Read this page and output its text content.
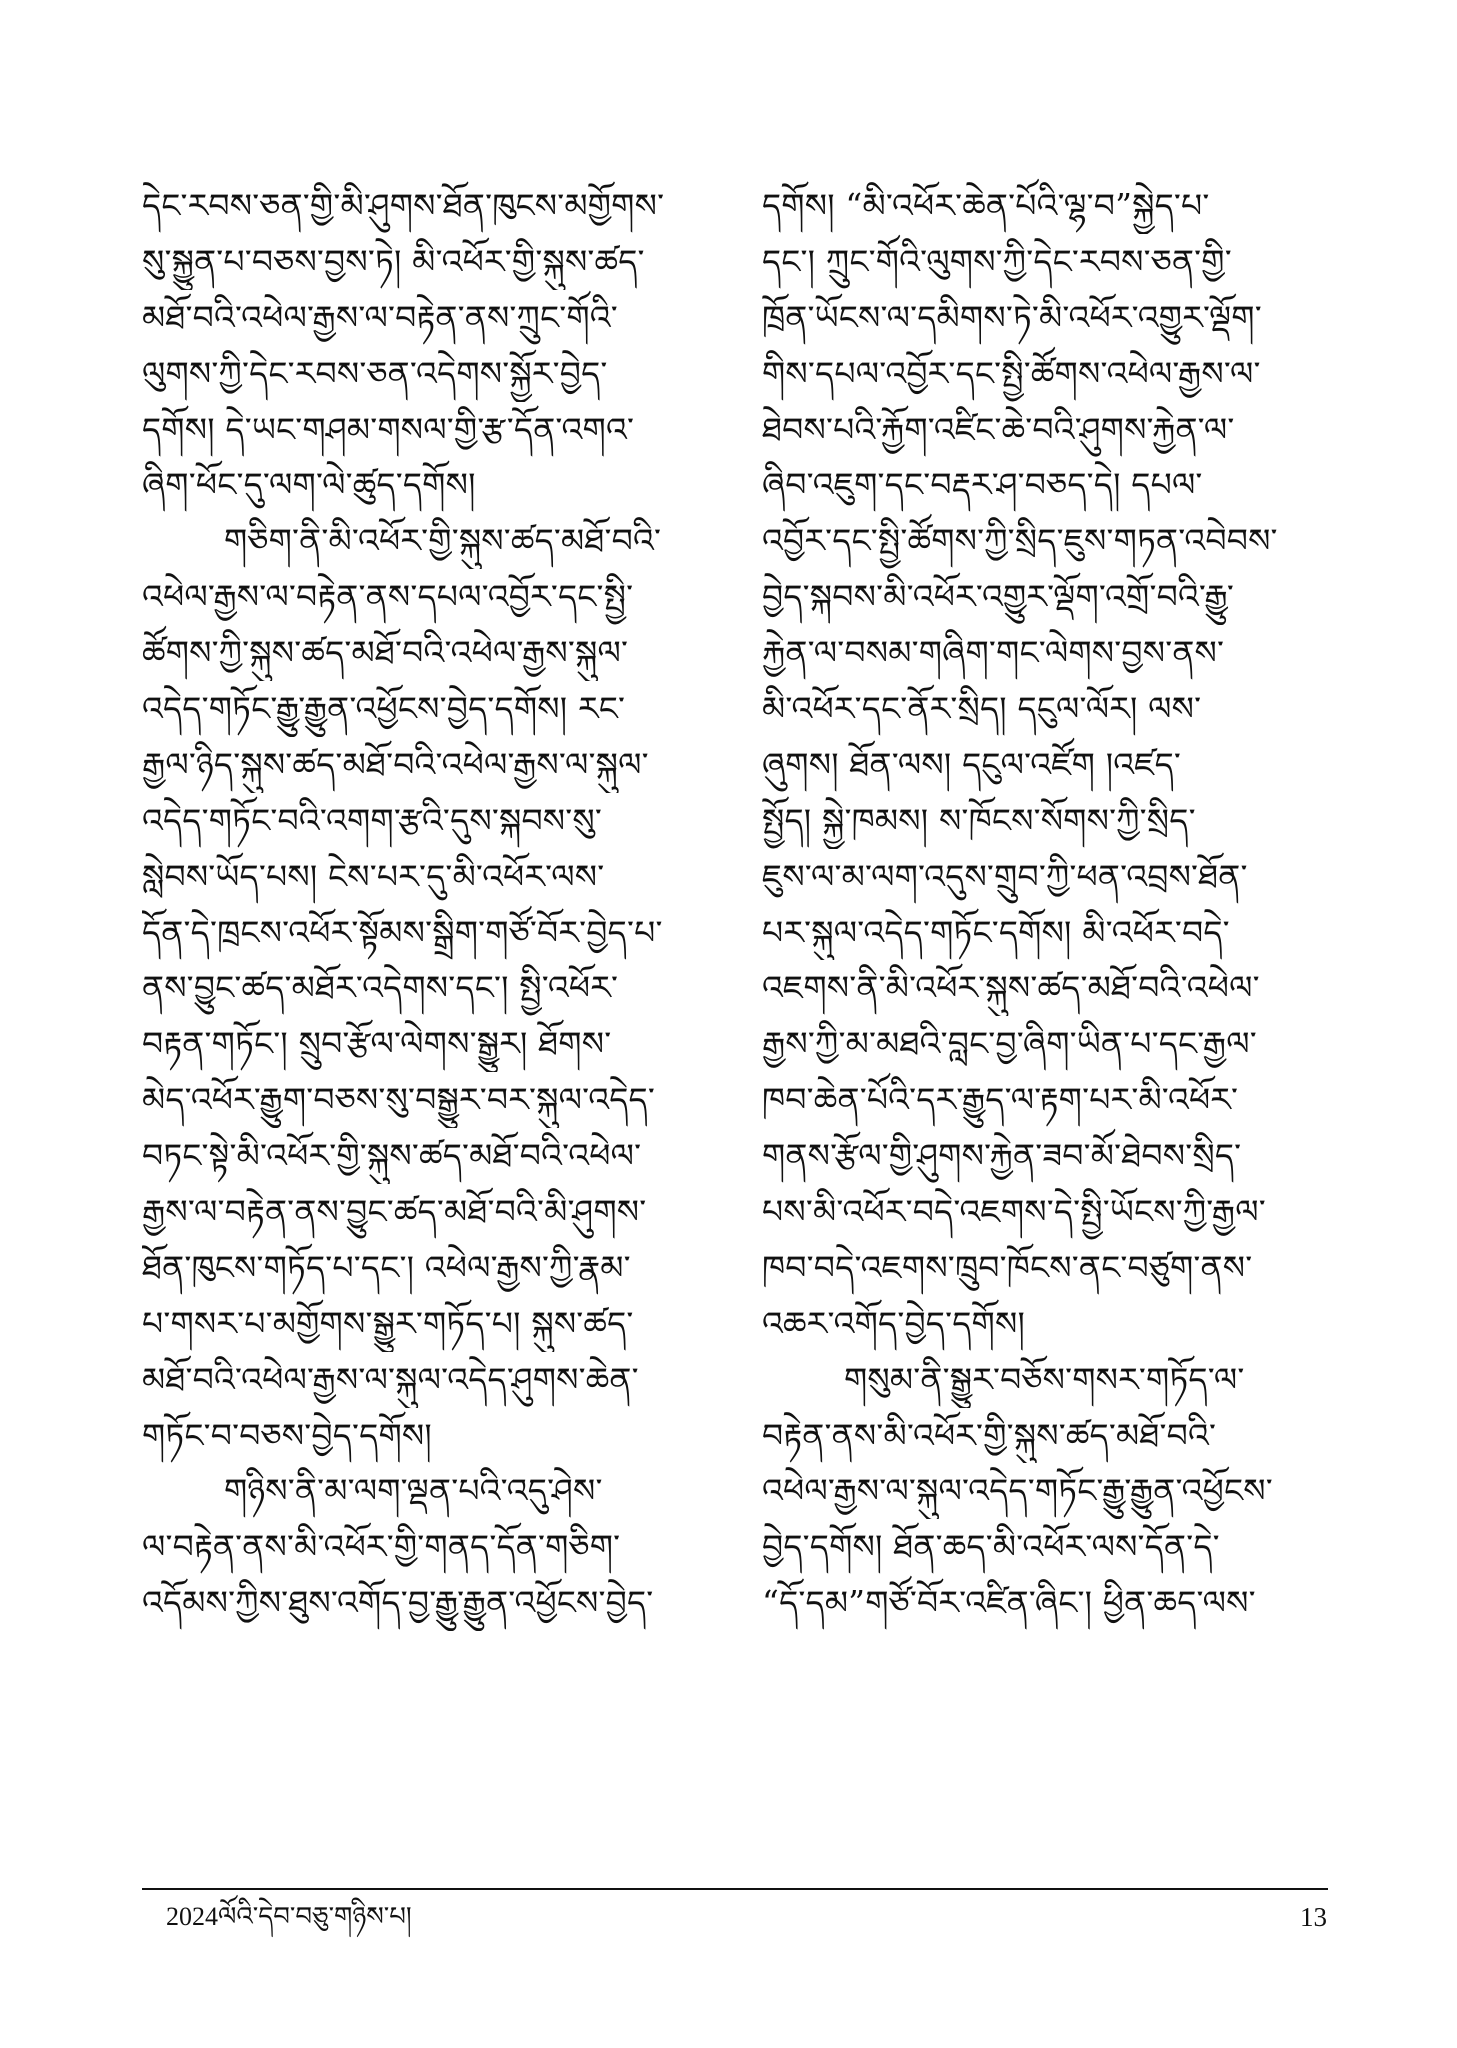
དེང་རབས་ཅན་གྱི་མི་ཤུགས་ཐོན་ཁུངས་མགྱོགས་
སུ་སྐྱུན་པ་བཅས་བྱས་ཏེ། མི་འཕོར་གྱི་སྐུས་ཚད་
མཐོ་བའི་འཕེལ་རྒྱས་ལ་བརྟེན་ནས་ཀྲུང་གོའི་
ལུགས་ཀྱི་དེང་རབས་ཅན་འདེགས་སྐྱོར་བྱེད་
དགོས། དེ་ཡང་གཤམ་གསལ་གྱི་རྩ་དོན་འགའ་
ཞིག་ཕོང་དུ་ལག་ལེ་ཚུད་དགོས།
གཅིག་ནི་མི་འཕོར་གྱི་སྐུས་ཚད་མཐོ་བའི་
འཕེལ་རྒྱས་ལ་བརྟེན་ནས་དཔལ་འབྱོར་དང་སྤྱི་
ཚོགས་ཀྱི་སྐུས་ཚད་མཐོ་བའི་འཕེལ་རྒྱས་སྐུལ་
འདེད་གཏོང་རྒྱུ་རྒྱུན་འཕྱོངས་བྱེད་དགོས། རང་
རྒྱལ་ཉིད་སྐུས་ཚད་མཐོ་བའི་འཕེལ་རྒྱས་ལ་སྐུལ་
འདེད་གཏོང་བའི་འགག་རྩའི་དུས་སྐབས་སུ་
སླེབས་ཡོད་པས། ངེས་པར་དུ་མི་འཕོར་ལས་
དོན་དེ་ཁྲངས་འཕོར་སྟོམས་སྒྲིག་གཙོ་བོར་བྱེད་པ་
ནས་བྱུང་ཚད་མཐོར་འདེགས་དང་། སྤྱི་འཕོར་
བརྟན་གཏོང་། སྲུབ་རྩོལ་ལེགས་སྒྱུར། ཐོགས་
མེད་འཕོར་རྒྱུག་བཅས་སུ་བསྒྱུར་བར་སྐུལ་འདེད་
བཏང་སྟེ་མི་འཕོར་གྱི་སྐུས་ཚད་མཐོ་བའི་འཕེལ་
རྒྱས་ལ་བརྟེན་ནས་བྱུང་ཚད་མཐོ་བའི་མི་ཤུགས་
ཐོན་ཁུངས་གཏོད་པ་དང་། འཕེལ་རྒྱས་ཀྱི་རྣམ་
པ་གསར་པ་མགྱོགས་སྒྱུར་གཏོད་པ། སྐུས་ཚད་
མཐོ་བའི་འཕེལ་རྒྱས་ལ་སྐུལ་འདེད་ཤུགས་ཆེན་
གཏོང་བ་བཅས་བྱེད་དགོས།
གཉིས་ནི་མ་ལག་ལྡན་པའི་འདུ་ཤེས་
ལ་བརྟེན་ནས་མི་འཕོར་གྱི་གནད་དོན་གཅིག་
འདོམས་ཀྱིས་ཐུས་འགོད་བྱ་རྒྱུ་རྒྱུན་འཕྱོངས་བྱེད་
དགོས། “མི་འཕོར་ཆེན་པོའི་ལྷ་བ”སྐྱེད་པ་
དང་། ཀྲུང་གོའི་ལུགས་ཀྱི་དེང་རབས་ཅན་གྱི་
ཁྲོན་ཡོངས་ལ་དམིགས་ཏེ་མི་འཕོར་འགྱུར་ལྡོག་
གིས་དཔལ་འབྱོར་དང་སྤྱི་ཚོགས་འཕེལ་རྒྱས་ལ་
ཐེབས་པའི་རྐྱོག་འཛིང་ཆེ་བའི་ཤུགས་རྐྱེན་ལ་
ཞིབ་འཇུག་དང་བརྡར་ཤ་བཅད་དེ། དཔལ་
འབྱོར་དང་སྤྱི་ཚོགས་ཀྱི་སྲིད་ཇུས་གཏན་འབེབས་
བྱེད་སྐབས་མི་འཕོར་འགྱུར་ལྡོག་འགྲོ་བའི་རྒྱུ་
རྐྱེན་ལ་བསམ་གཞིག་གང་ལེགས་བྱས་ནས་
མི་འཕོར་དང་ནོར་སྲིད། དངུལ་ལོར། ལས་
ཞུགས། ཐོན་ལས། དངུལ་འཛོག །འཛད་
སྤྱོད། སྐྱེ་ཁམས། ས་ཁོངས་སོགས་ཀྱི་སྲིད་
ཇུས་ལ་མ་ལག་འདུས་གྲུབ་ཀྱི་ཕན་འབྲས་ཐོན་
པར་སྐུལ་འདེད་གཏོང་དགོས། མི་འཕོར་བདེ་
འཇགས་ནི་མི་འཕོར་སྐུས་ཚད་མཐོ་བའི་འཕེལ་
རྒྱས་ཀྱི་མ་མཐའི་བླང་བྱ་ཞིག་ཡིན་པ་དང་རྒྱལ་
ཁབ་ཆེན་པོའི་དར་རྒྱུད་ལ་རྟག་པར་མི་འཕོར་
གནས་རྩོལ་གྱི་ཤུགས་རྐྱེན་ཟབ་མོ་ཐེབས་སྲིད་
པས་མི་འཕོར་བདེ་འཇགས་དེ་སྤྱི་ཡོངས་ཀྱི་རྒྱལ་
ཁབ་བདེ་འཇགས་ཁྲུབ་ཁོངས་ནང་བཙུག་ནས་
འཆར་འགོད་བྱེད་དགོས།
གསུམ་ནི་སྒྱུར་བཅོས་གསར་གཏོད་ལ་
བརྟེན་ནས་མི་འཕོར་གྱི་སྐུས་ཚད་མཐོ་བའི་
འཕེལ་རྒྱས་ལ་སྐུལ་འདེད་གཏོང་རྒྱུ་རྒྱུན་འཕྱོངས་
བྱེད་དགོས། ཐོན་ཆད་མི་འཕོར་ལས་དོན་དེ་
“དོ་དམ”གཙོ་བོར་འཛིན་ཞིང་། ཕྱིན་ཆད་ལས་
2024ལོའི་དེབ་བཅུ་གཉིས་པ།	13
